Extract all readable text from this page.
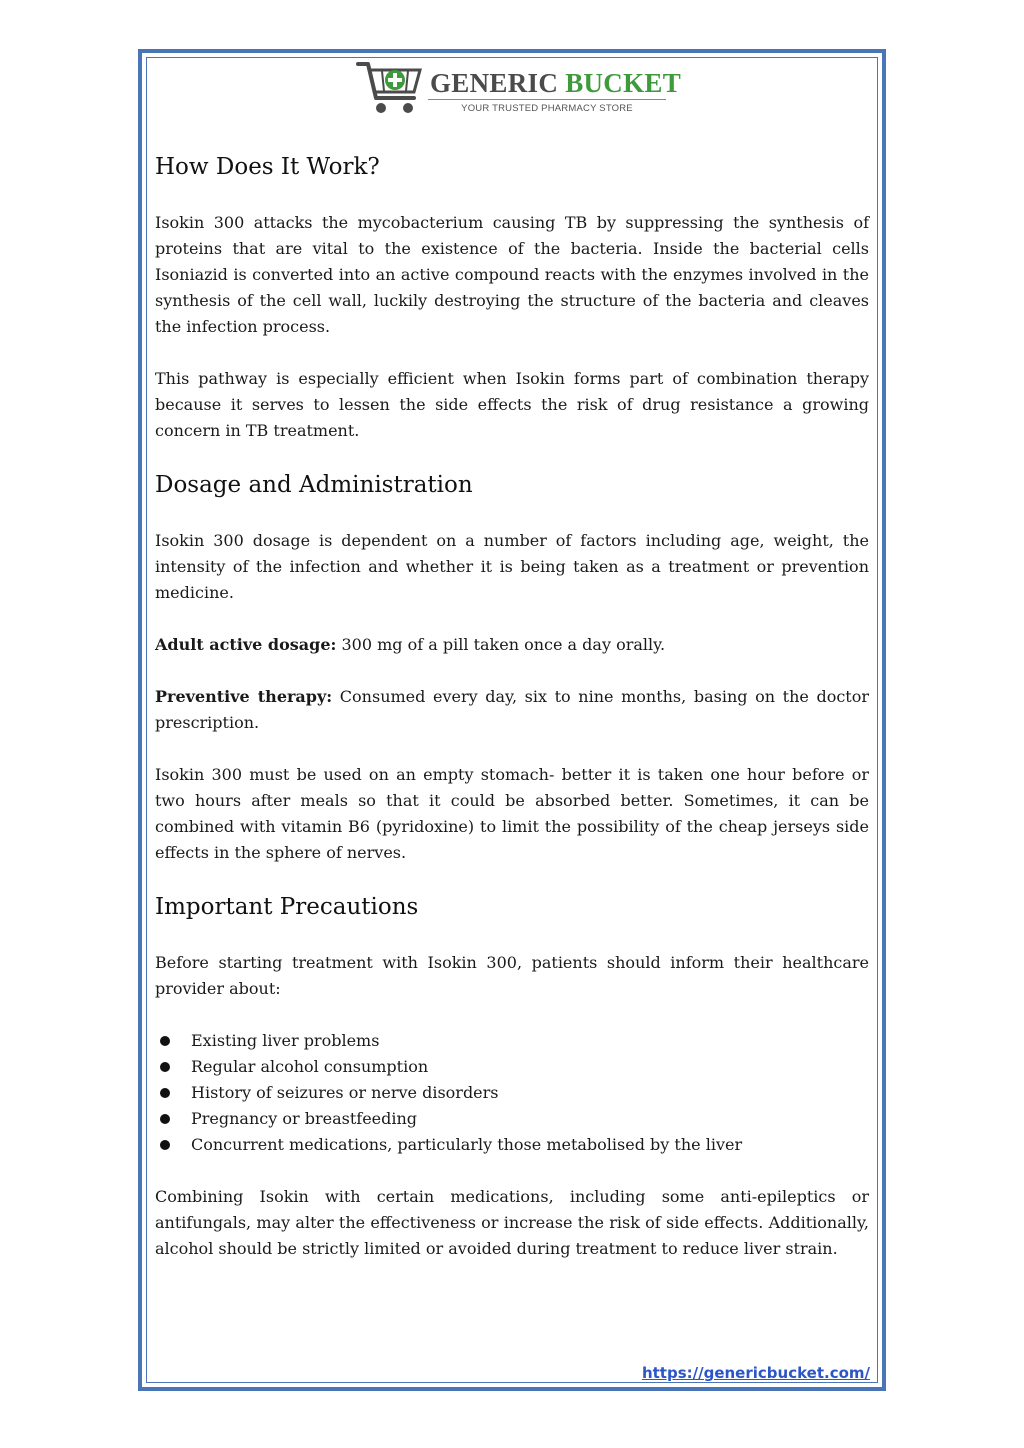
GENERIC BUCKET
YOUR TRUSTED PHARMACY STORE
How Does It Work?

Isokin 300 attacks the mycobacterium causing TB by suppressing the synthesis of proteins that are vital to the existence of the bacteria. Inside the bacterial cells Isoniazid is converted into an active compound reacts with the enzymes involved in the synthesis of the cell wall, luckily destroying the structure of the bacteria and cleaves the infection process.

This pathway is especially efficient when Isokin forms part of combination therapy because it serves to lessen the side effects the risk of drug resistance a growing concern in TB treatment.

Dosage and Administration

Isokin 300 dosage is dependent on a number of factors including age, weight, the intensity of the infection and whether it is being taken as a treatment or prevention medicine.

Adult active dosage: 300 mg of a pill taken once a day orally.

Preventive therapy: Consumed every day, six to nine months, basing on the doctor prescription.

Isokin 300 must be used on an empty stomach- better it is taken one hour before or two hours after meals so that it could be absorbed better. Sometimes, it can be combined with vitamin B6 (pyridoxine) to limit the possibility of the cheap jerseys side effects in the sphere of nerves.

Important Precautions

Before starting treatment with Isokin 300, patients should inform their healthcare provider about:

Existing liver problems
Regular alcohol consumption
History of seizures or nerve disorders
Pregnancy or breastfeeding
Concurrent medications, particularly those metabolised by the liver

Combining Isokin with certain medications, including some anti-epileptics or antifungals, may alter the effectiveness or increase the risk of side effects. Additionally, alcohol should be strictly limited or avoided during treatment to reduce liver strain.

https://genericbucket.com/
